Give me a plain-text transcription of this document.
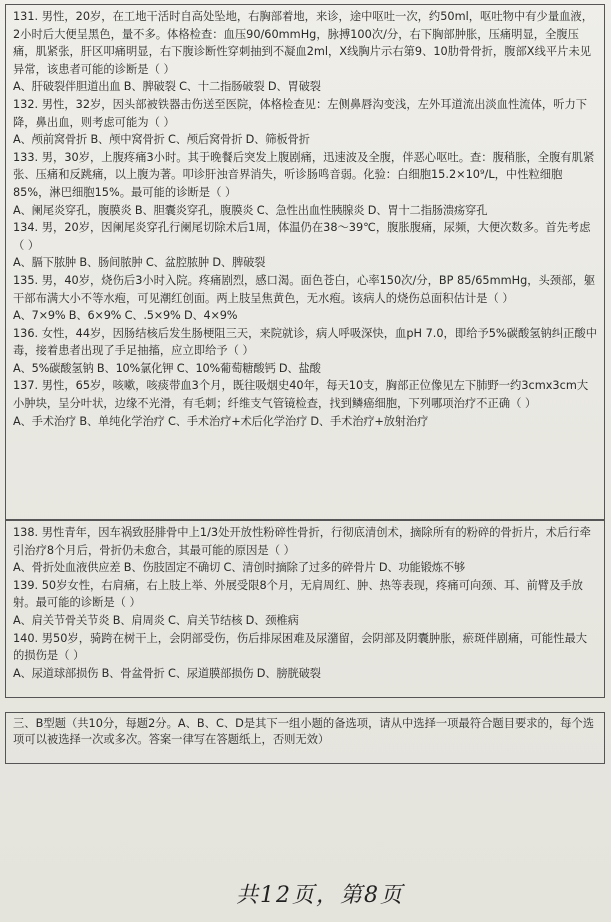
131. 男性，20岁，在工地干活时自高处坠地，右胸部着地，来诊，途中呕吐一次，约50ml，呕吐物中有少量血液，2小时后大便呈黑色，量不多。体格检查：血压90/60mmHg，脉搏100次/分，右下胸部肿胀，压痛明显，全腹压痛，肌紧张，肝区叩痛明显，右下腹诊断性穿刺抽到不凝血2ml，X线胸片示右第9、10肋骨骨折，腹部X线平片未见异常，该患者可能的诊断是（ ）

A、肝破裂伴胆道出血 B、脾破裂 C、十二指肠破裂 D、胃破裂

132. 男性，32岁，因头部被铁器击伤送至医院，体格检查见：左侧鼻唇沟变浅，左外耳道流出淡血性流体，听力下降，鼻出血，则考虑可能为（ ）

A、颅前窝骨折 B、颅中窝骨折 C、颅后窝骨折 D、筛板骨折

133. 男，30岁，上腹疼痛3小时。其于晚餐后突发上腹剧痛，迅速波及全腹，伴恶心呕吐。查：腹稍胀，全腹有肌紧张、压痛和反跳痛，以上腹为著。叩诊肝浊音界消失，听诊肠鸣音弱。化验：白细胞15.2×10⁹/L，中性粒细胞85%，淋巴细胞15%。最可能的诊断是（ ）

A、阑尾炎穿孔，腹膜炎 B、胆囊炎穿孔，腹膜炎 C、急性出血性胰腺炎 D、胃十二指肠溃疡穿孔

134. 男，20岁，因阑尾炎穿孔行阑尾切除术后1周，体温仍在38～39℃，腹胀腹痛，尿频，大便次数多。首先考虑（ ）

A、膈下脓肿 B、肠间脓肿 C、盆腔脓肿 D、脾破裂

135. 男，40岁，烧伤后3小时入院。疼痛剧烈，感口渴。面色苍白，心率150次/分，BP 85/65mmHg，头颈部，躯干部布满大小不等水疱，可见潮红创面。两上肢呈焦黄色，无水疱。该病人的烧伤总面积估计是（ ）

A、7×9% B、6×9% C、.5×9% D、4×9%

136. 女性，44岁，因肠结核后发生肠梗阻三天，来院就诊，病人呼吸深快，血pH 7.0，即给予5%碳酸氢钠纠正酸中毒，接着患者出现了手足抽搐，应立即给予（ ）

A、5%碳酸氢钠 B、10%氯化钾 C、10%葡萄糖酸钙 D、盐酸

137. 男性，65岁，咳嗽，咳痰带血3个月，既往吸烟史40年，每天10支，胸部正位像见左下肺野一约3cmx3cm大小肿块，呈分叶状，边缘不光滑，有毛刺；纤维支气管镜检查，找到鳞癌细胞，下列哪项治疗不正确（ ）

A、手术治疗 B、单纯化学治疗 C、手术治疗+术后化学治疗 D、手术治疗+放射治疗

138. 男性青年，因车祸致胫腓骨中上1/3处开放性粉碎性骨折，行彻底清创术，摘除所有的粉碎的骨折片，术后行牵引治疗8个月后，骨折仍未愈合，其最可能的原因是（ ）

A、骨折处血液供应差 B、伤肢固定不确切 C、清创时摘除了过多的碎骨片 D、功能锻炼不够

139. 50岁女性，右肩痛，右上肢上举、外展受限8个月，无肩周红、肿、热等表现，疼痛可向颈、耳、前臂及手放射。最可能的诊断是（ ）

A、肩关节骨关节炎 B、肩周炎 C、肩关节结核 D、颈椎病

140. 男50岁，骑跨在树干上，会阴部受伤，伤后排尿困难及尿潴留，会阴部及阴囊肿胀，瘀斑伴剧痛，可能性最大的损伤是（ ）

A、尿道球部损伤 B、骨盆骨折 C、尿道膜部损伤 D、膀胱破裂

三、B型题（共10分，每题2分。A、B、C、D是其下一组小题的备选项，请从中选择一项最符合题目要求的，每个选项可以被选择一次或多次。答案一律写在答题纸上，否则无效）

共12页，第8页
